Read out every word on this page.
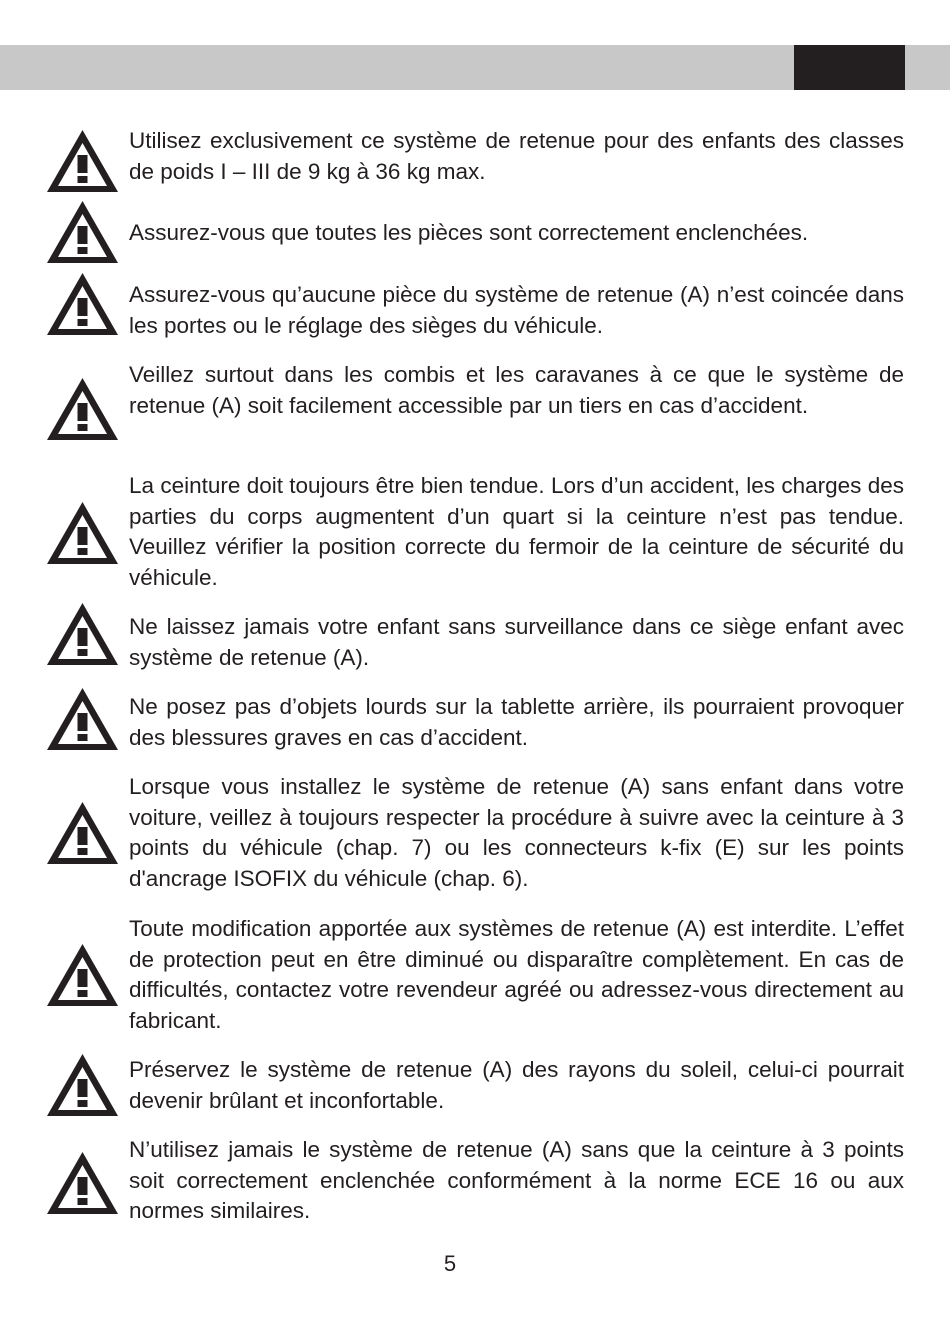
Utilisez exclusivement ce système de retenue pour des enfants des classes de poids I – III de 9 kg à 36 kg max.

Assurez-vous que toutes les pièces sont correctement enclenchées.

Assurez-vous qu’aucune pièce du système de retenue (A) n’est coincée dans les portes ou le réglage des sièges du véhicule.

Veillez surtout dans les combis et les caravanes à ce que le système de retenue (A) soit facilement accessible par un tiers en cas d’accident.

La ceinture doit toujours être bien tendue. Lors d’un accident, les charges des parties du corps augmentent d’un quart si la ceinture n’est pas tendue. Veuillez vérifier la position correcte du fermoir de la ceinture de sécurité du véhicule.

Ne laissez jamais votre enfant sans surveillance dans ce siège enfant avec système de retenue (A).

Ne posez pas d’objets lourds sur la tablette arrière, ils pourraient provoquer des blessures graves en cas d’accident.

Lorsque vous installez le système de retenue (A) sans enfant dans votre voiture, veillez à toujours respecter la procédure à suivre avec la ceinture à 3 points du véhicule (chap. 7) ou les connecteurs k-fix (E) sur les points d'ancrage ISOFIX du véhicule (chap. 6).

Toute modification apportée aux systèmes de retenue (A) est interdite. L’effet de protection peut en être diminué ou disparaître complètement. En cas de difficultés, contactez votre revendeur agréé ou adressez-vous directement au fabricant.

Préservez le système de retenue (A) des rayons du soleil, celui-ci pourrait devenir brûlant et inconfortable.

N’utilisez jamais le système de retenue (A) sans que la ceinture à 3 points soit correctement enclenchée conformément à la norme ECE 16 ou aux normes similaires.

5
